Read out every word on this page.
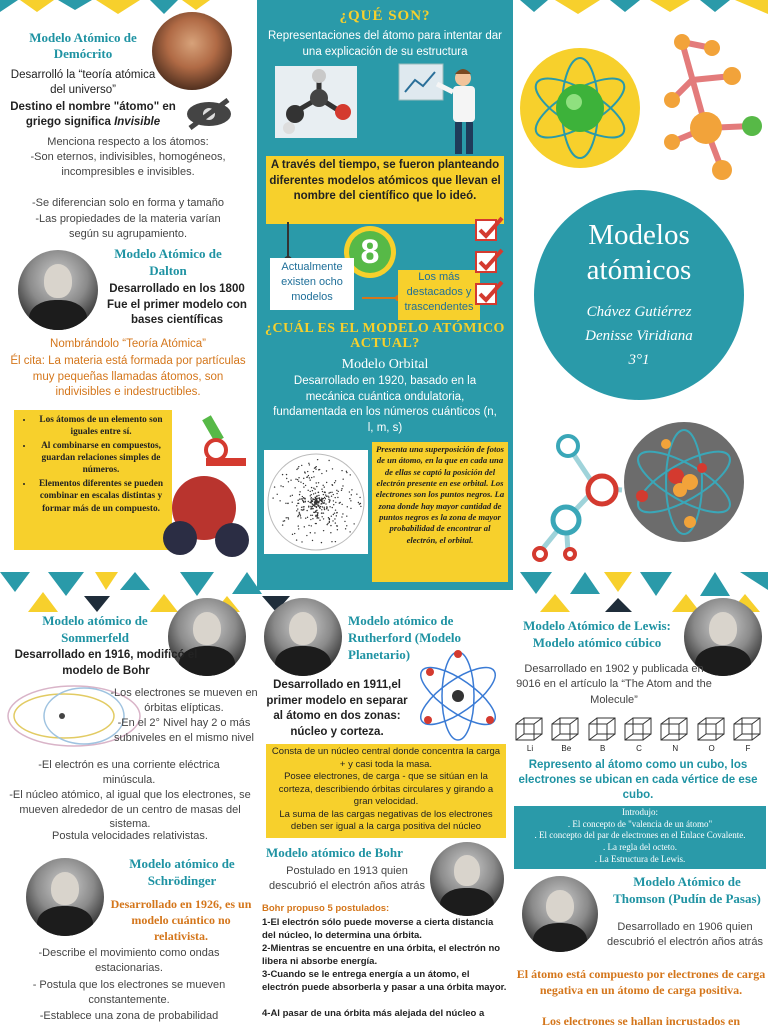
¿QUÉ SON?
Representaciones del átomo para intentar dar una explicación de su estructura
A través del tiempo, se fueron planteando diferentes modelos atómicos que llevan el nombre del científico que lo ideó.
8
Actualmente existen ocho modelos
Los más destacados y trascendentes
¿CUÁL ES EL MODELO ATÓMICO ACTUAL?
Modelo Orbital
Desarrollado en 1920, basado en la mecánica cuántica ondulatoria, fundamentada en los números cuánticos (n, l, m, s)
Presenta una superposición de fotos de un átomo, en la que en cada una de ellas se captó la posición del electrón presente en ese orbital. Los electrones son los puntos negros. La zona donde hay mayor cantidad de puntos negros es la zona de mayor probabilidad de encontrar al electrón, el orbital.
Modelos atómicos
Chávez Gutiérrez
Denisse Viridiana
3°1
Modelo Atómico de Demócrito
Desarrolló la “teoría atómica del universo”
Destino el nombre "átomo" en griego significa Invisible
Menciona respecto a los átomos:
-Son eternos, indivisibles, homogéneos, incompresibles e invisibles.
-Se diferencian solo en forma y tamaño
-Las propiedades de la materia varían según su agrupamiento.
Modelo Atómico de Dalton
Desarrollado en los 1800 Fue el primer modelo con bases científicas
Nombrándolo “Teoría Atómica”
Él cita: La materia está formada por partículas muy pequeñas llamadas átomos, son indivisibles e indestructibles.
• Los átomos de un elemento son iguales entre sí.
• Al combinarse en compuestos, guardan relaciones simples de números.
• Elementos diferentes se pueden combinar en escalas distintas y formar más de un compuesto.
Modelo atómico de Sommerfeld
Desarrollado en 1916, modificó el modelo de Bohr
-Los electrones se mueven en órbitas elípticas.
-En el 2° Nivel hay 2 o más subniveles en el mismo nivel
-El electrón es una corriente eléctrica minúscula.
-El núcleo atómico, al igual que los electrones, se mueven alrededor de un centro de masas del sistema.
Postula velocidades relativistas.
Modelo atómico de Schrödinger
Desarrollado en 1926, es un modelo cuántico no relativista.
-Describe el movimiento como ondas estacionarias.
- Postula que los electrones se mueven constantemente.
-Establece una zona de probabilidad
Modelo atómico de Rutherford (Modelo Planetario)
Desarrollado en 1911,el primer modelo en separar al átomo en dos zonas: núcleo y corteza.
Consta de un núcleo central donde concentra la carga + y casi toda la masa.
Posee electrones, de carga - que se sitúan en la corteza, describiendo órbitas circulares y girando a gran velocidad.
La suma de las cargas negativas de los electrones deben ser igual a la carga positiva del núcleo
Modelo atómico de Bohr
Postulado en 1913 quien descubrió el electrón años atrás
Bohr propuso 5 postulados:
1-El electrón sólo puede moverse a cierta distancia del núcleo, lo determina una órbita.
2-Mientras se encuentre en una órbita, el electrón no libera ni absorbe energía.
3-Cuando se le entrega energía a un átomo, el electrón puede absorberla y pasar a una órbita mayor.
4-Al pasar de una órbita más alejada del núcleo a
Modelo Atómico de Lewis: Modelo atómico cúbico
Desarrollado en 1902 y publicada en 9016 en el artículo la “The Atom and the Molecule”
Li	Be	B	C	N	O	F
Represento al átomo como un cubo, los electrones se ubican en cada vértice de ese cubo.
Introdujo:
. El concepto de "valencia de un átomo"
. El concepto del par de electrones en el Enlace Covalente.
. La regla del octeto.
. La Estructura de Lewis.
Modelo Atómico de Thomson (Pudín de Pasas)
Desarrollado en 1906 quien descubrió el electrón años atrás
El átomo está compuesto por electrones de carga negativa en un átomo de carga positiva.
Los electrones se hallan incrustados en
